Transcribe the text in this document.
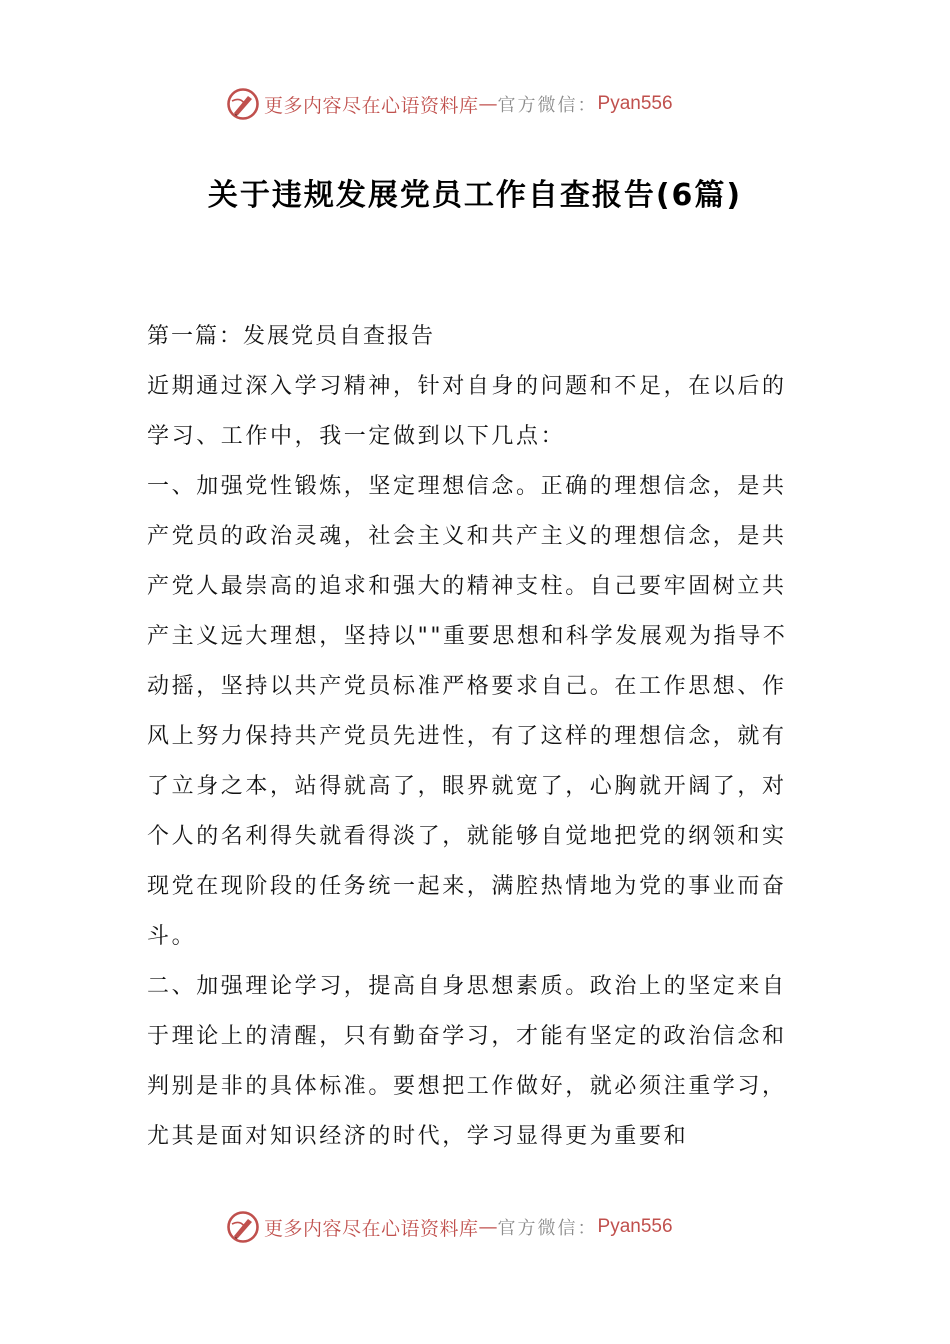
更多内容尽在心语资料库 — 官方微信： Pyan556
关于违规发展党员工作自查报告(6篇)

第一篇：发展党员自查报告

近期通过深入学习精神，针对自身的问题和不足，在以后的学习、工作中，我一定做到以下几点：

一、加强党性锻炼，坚定理想信念。正确的理想信念，是共产党员的政治灵魂，社会主义和共产主义的理想信念，是共产党人最崇高的追求和强大的精神支柱。自己要牢固树立共产主义远大理想，坚持以""重要思想和科学发展观为指导不动摇，坚持以共产党员标准严格要求自己。在工作思想、作风上努力保持共产党员先进性，有了这样的理想信念，就有了立身之本，站得就高了，眼界就宽了，心胸就开阔了，对个人的名利得失就看得淡了，就能够自觉地把党的纲领和实现党在现阶段的任务统一起来，满腔热情地为党的事业而奋斗。

二、加强理论学习，提高自身思想素质。政治上的坚定来自于理论上的清醒，只有勤奋学习，才能有坚定的政治信念和判别是非的具体标准。要想把工作做好，就必须注重学习，尤其是面对知识经济的时代，学习显得更为重要和

更多内容尽在心语资料库 — 官方微信： Pyan556
